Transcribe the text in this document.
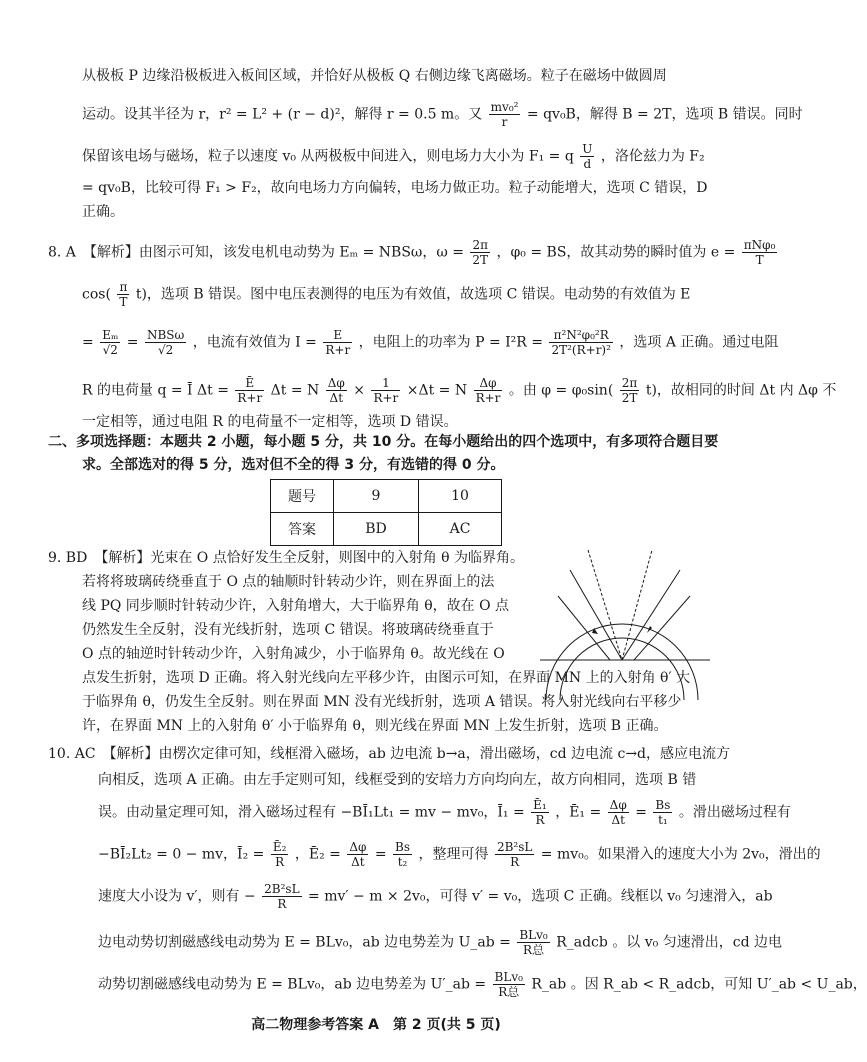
从极板 P 边缘沿极板进入板间区域，并恰好从极板 Q 右侧边缘飞离磁场。粒子在磁场中做圆周
运动。设其半径为 r，r² = L² + (r − d)²，解得 r = 0.5 m。又 $\frac{\text{mv₀²}}{r} = qv_0B$，解得 B = 2T，选项 B 错误。同时
保留该电场与磁场，粒子以速度 v₀ 从两极板中间进入，则电场力大小为 F₁ = q $\frac{U}{d}$ ，洛伦兹力为 F₂
= qv₀B，比较可得 F₁ > F₂，故向电场力方向偏转，电场力做正功。粒子动能增大，选项 C 错误，D
正确。
8. A　【解析】由图示可知，该发电机电动势为 Eₘ = NBSω，$\omega = \frac{2\pi}{2T}$ ，φ₀ = BS，故其动势的瞬时值为 $e = \frac{\text{πNφ₀}}{T}$
$\cos( \frac{\pi}{T} t)$，选项 B 错误。图中电压表测得的电压为有效值，故选项 C 错误。电动势的有效值为 E
= $\frac{\text{Eₘ}}{√2} = \frac{\text{NBSω}}{√2}$ ，电流有效值为 $I = \frac{E}{R+r}$ ，电阻上的功率为 $P = I^2R = \frac{\text{π²N²φ₀²R}}{\text{2T²(R+r)²}}$ ，选项 A 正确。通过电阻
R 的电荷量 q = Ī $\Delta t = \frac{Ē}{R+r}$ Δt = N $\frac{\Delta\varphi}{\Delta t} \times \frac{1}{R+r} \times\Delta t = N \frac{\Delta\varphi}{R+r}$ 。由 $\varphi = \varphi_0\sin( \frac{2\pi}{2T} t)$，故相同的时间 Δt 内 Δφ 不
一定相等，通过电阻 R 的电荷量不一定相等，选项 D 错误。
二、多项选择题：本题共 2 小题，每小题 5 分，共 10 分。在每小题给出的四个选项中，有多项符合题目要
求。全部选对的得 5 分，选对但不全的得 3 分，有选错的得 0 分。
题号	9	10
答案	BD	AC
9. BD　【解析】光束在 O 点恰好发生全反射，则图中的入射角 θ 为临界角。
若将将玻璃砖绕垂直于 O 点的轴顺时针转动少许，则在界面上的法
线 PQ 同步顺时针转动少许，入射角增大，大于临界角 θ，故在 O 点
仍然发生全反射，没有光线折射，选项 C 错误。将玻璃砖绕垂直于
O 点的轴逆时针转动少许，入射角减少，小于临界角 θ。故光线在 O
点发生折射，选项 D 正确。将入射光线向左平移少许，由图示可知，在界面 MN 上的入射角 θ′ 大
于临界角 θ，仍发生全反射。则在界面 MN 没有光线折射，选项 A 错误。将入射光线向右平移少
许，在界面 MN 上的入射角 θ′ 小于临界角 θ，则光线在界面 MN 上发生折射，选项 B 正确。
10. AC　【解析】由楞次定律可知，线框滑入磁场，ab 边电流 b→a，滑出磁场，cd 边电流 c→d，感应电流方
向相反，选项 A 正确。由左手定则可知，线框受到的安培力方向均向左，故方向相同，选项 B 错
误。由动量定理可知，滑入磁场过程有 −BĪ₁Lt₁ = mv − mv₀，Ī₁ = $\frac{\text{Ē₁}}{R}$ ，Ē₁ = $\frac{\Delta\varphi}{\Delta t} = \frac{Bs}{\text{t₁}}$ 。滑出磁场过程有
−BĪ₂Lt₂ = 0 − mv，Ī₂ = $\frac{\text{Ē₂}}{R}$ ，Ē₂ = $\frac{\Delta\varphi}{\Delta t} = \frac{Bs}{\text{t₂}}$ ，整理可得 $\frac{\text{2B²sL}}{R} = mv_0$。如果滑入的速度大小为 2v₀，滑出的
速度大小设为 v′，则有 − $\frac{\text{2B²sL}}{R} = mv' - m \times 2v_0$，可得 v′ = v₀，选项 C 正确。线框以 v₀ 匀速滑入，ab
边电动势切割磁感线电动势为 E = BLv₀，ab 边电势差为 U_ab = $\frac{\text{BLv₀}}{\text{R总}}$ R_adcb 。以 v₀ 匀速滑出，cd 边电
动势切割磁感线电动势为 E = BLv₀，ab 边电势差为 U′_ab = $\frac{\text{BLv₀}}{\text{R总}}$ R_ab 。因 R_ab < R_adcb，可知 U′_ab < U_ab，
高二物理参考答案 A　第 2 页(共 5 页)
